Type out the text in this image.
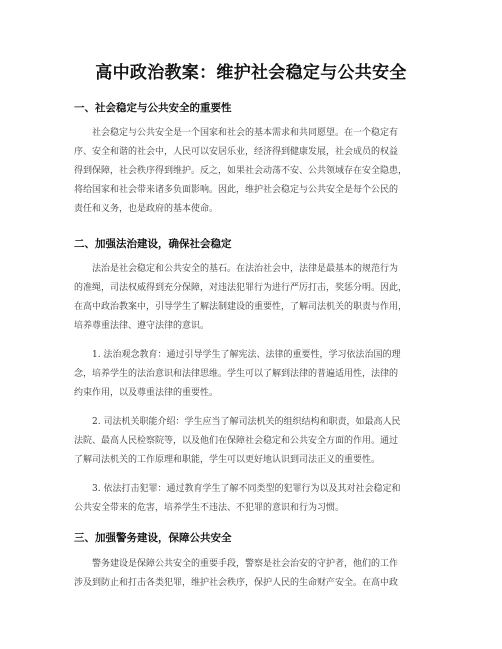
高中政治教案：维护社会稳定与公共安全
一、社会稳定与公共安全的重要性
社会稳定与公共安全是一个国家和社会的基本需求和共同愿望。在一个稳定有
序、安全和谐的社会中，人民可以安居乐业，经济得到健康发展，社会成员的权益
得到保障，社会秩序得到维护。反之，如果社会动荡不安、公共领域存在安全隐患，
将给国家和社会带来诸多负面影响。因此，维护社会稳定与公共安全是每个公民的
责任和义务，也是政府的基本使命。
二、加强法治建设，确保社会稳定
法治是社会稳定和公共安全的基石。在法治社会中，法律是最基本的规范行为
的准绳，司法权威得到充分保障，对违法犯罪行为进行严厉打击，奖惩分明。因此，
在高中政治教案中，引导学生了解法制建设的重要性，了解司法机关的职责与作用，
培养尊重法律、遵守法律的意识。
1. 法治观念教育：通过引导学生了解宪法、法律的重要性，学习依法治国的理
念，培养学生的法治意识和法律思维。学生可以了解到法律的普遍适用性，法律的
约束作用，以及尊重法律的重要性。
2. 司法机关职能介绍：学生应当了解司法机关的组织结构和职责，如最高人民
法院、最高人民检察院等，以及他们在保障社会稳定和公共安全方面的作用。通过
了解司法机关的工作原理和职能，学生可以更好地认识到司法正义的重要性。
3. 依法打击犯罪：通过教育学生了解不同类型的犯罪行为以及其对社会稳定和
公共安全带来的危害，培养学生不违法、不犯罪的意识和行为习惯。
三、加强警务建设，保障公共安全
警务建设是保障公共安全的重要手段，警察是社会治安的守护者，他们的工作
涉及到防止和打击各类犯罪，维护社会秩序，保护人民的生命财产安全。在高中政
